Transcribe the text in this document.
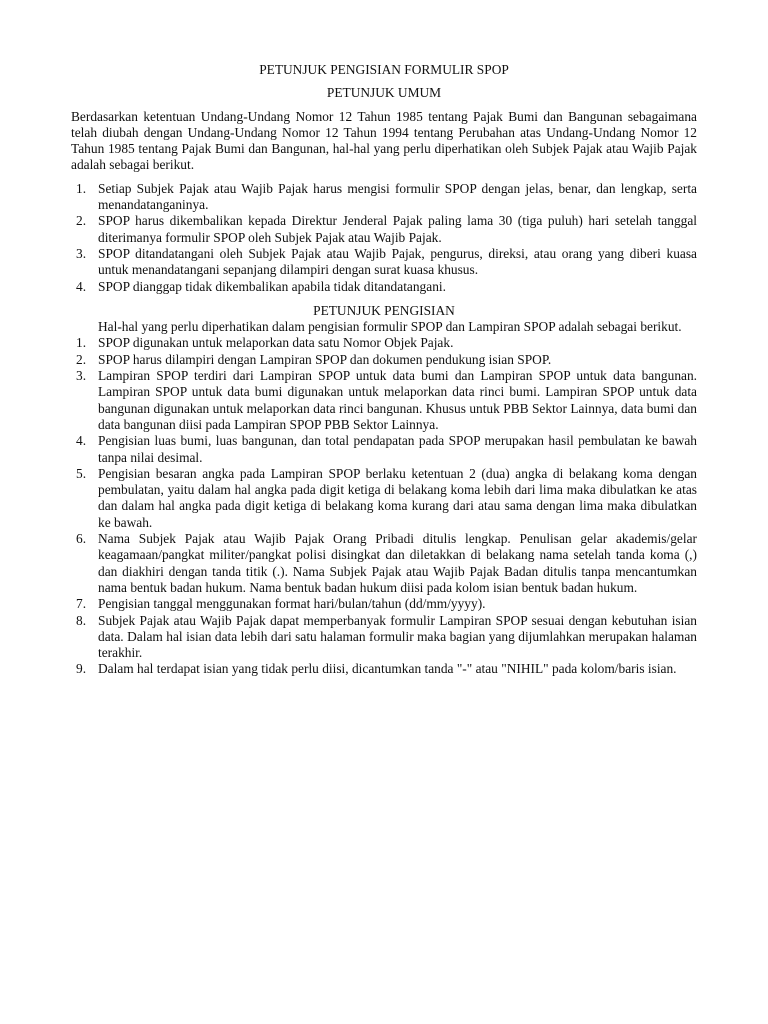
PETUNJUK PENGISIAN FORMULIR SPOP
PETUNJUK UMUM

Berdasarkan ketentuan Undang-Undang Nomor 12 Tahun 1985 tentang Pajak Bumi dan Bangunan sebagaimana telah diubah dengan Undang-Undang Nomor 12 Tahun 1994 tentang Perubahan atas Undang-Undang Nomor 12 Tahun 1985 tentang Pajak Bumi dan Bangunan, hal-hal yang perlu diperhatikan oleh Subjek Pajak atau Wajib Pajak adalah sebagai berikut.

1. Setiap Subjek Pajak atau Wajib Pajak harus mengisi formulir SPOP dengan jelas, benar, dan lengkap, serta menandatanganinya.
2. SPOP harus dikembalikan kepada Direktur Jenderal Pajak paling lama 30 (tiga puluh) hari setelah tanggal diterimanya formulir SPOP oleh Subjek Pajak atau Wajib Pajak.
3. SPOP ditandatangani oleh Subjek Pajak atau Wajib Pajak, pengurus, direksi, atau orang yang diberi kuasa untuk menandatangani sepanjang dilampiri dengan surat kuasa khusus.
4. SPOP dianggap tidak dikembalikan apabila tidak ditandatangani.
PETUNJUK PENGISIAN

Hal-hal yang perlu diperhatikan dalam pengisian formulir SPOP dan Lampiran SPOP adalah sebagai berikut.

1. SPOP digunakan untuk melaporkan data satu Nomor Objek Pajak.
2. SPOP harus dilampiri dengan Lampiran SPOP dan dokumen pendukung isian SPOP.
3. Lampiran SPOP terdiri dari Lampiran SPOP untuk data bumi dan Lampiran SPOP untuk data bangunan. Lampiran SPOP untuk data bumi digunakan untuk melaporkan data rinci bumi. Lampiran SPOP untuk data bangunan digunakan untuk melaporkan data rinci bangunan. Khusus untuk PBB Sektor Lainnya, data bumi dan data bangunan diisi pada Lampiran SPOP PBB Sektor Lainnya.
4. Pengisian luas bumi, luas bangunan, dan total pendapatan pada SPOP merupakan hasil pembulatan ke bawah tanpa nilai desimal.
5. Pengisian besaran angka pada Lampiran SPOP berlaku ketentuan 2 (dua) angka di belakang koma dengan pembulatan, yaitu dalam hal angka pada digit ketiga di belakang koma lebih dari lima maka dibulatkan ke atas dan dalam hal angka pada digit ketiga di belakang koma kurang dari atau sama dengan lima maka dibulatkan ke bawah.
6. Nama Subjek Pajak atau Wajib Pajak Orang Pribadi ditulis lengkap. Penulisan gelar akademis/gelar keagamaan/pangkat militer/pangkat polisi disingkat dan diletakkan di belakang nama setelah tanda koma (,) dan diakhiri dengan tanda titik (.). Nama Subjek Pajak atau Wajib Pajak Badan ditulis tanpa mencantumkan nama bentuk badan hukum. Nama bentuk badan hukum diisi pada kolom isian bentuk badan hukum.
7. Pengisian tanggal menggunakan format hari/bulan/tahun (dd/mm/yyyy).
8. Subjek Pajak atau Wajib Pajak dapat memperbanyak formulir Lampiran SPOP sesuai dengan kebutuhan isian data. Dalam hal isian data lebih dari satu halaman formulir maka bagian yang dijumlahkan merupakan halaman terakhir.
9. Dalam hal terdapat isian yang tidak perlu diisi, dicantumkan tanda "-" atau "NIHIL" pada kolom/baris isian.
